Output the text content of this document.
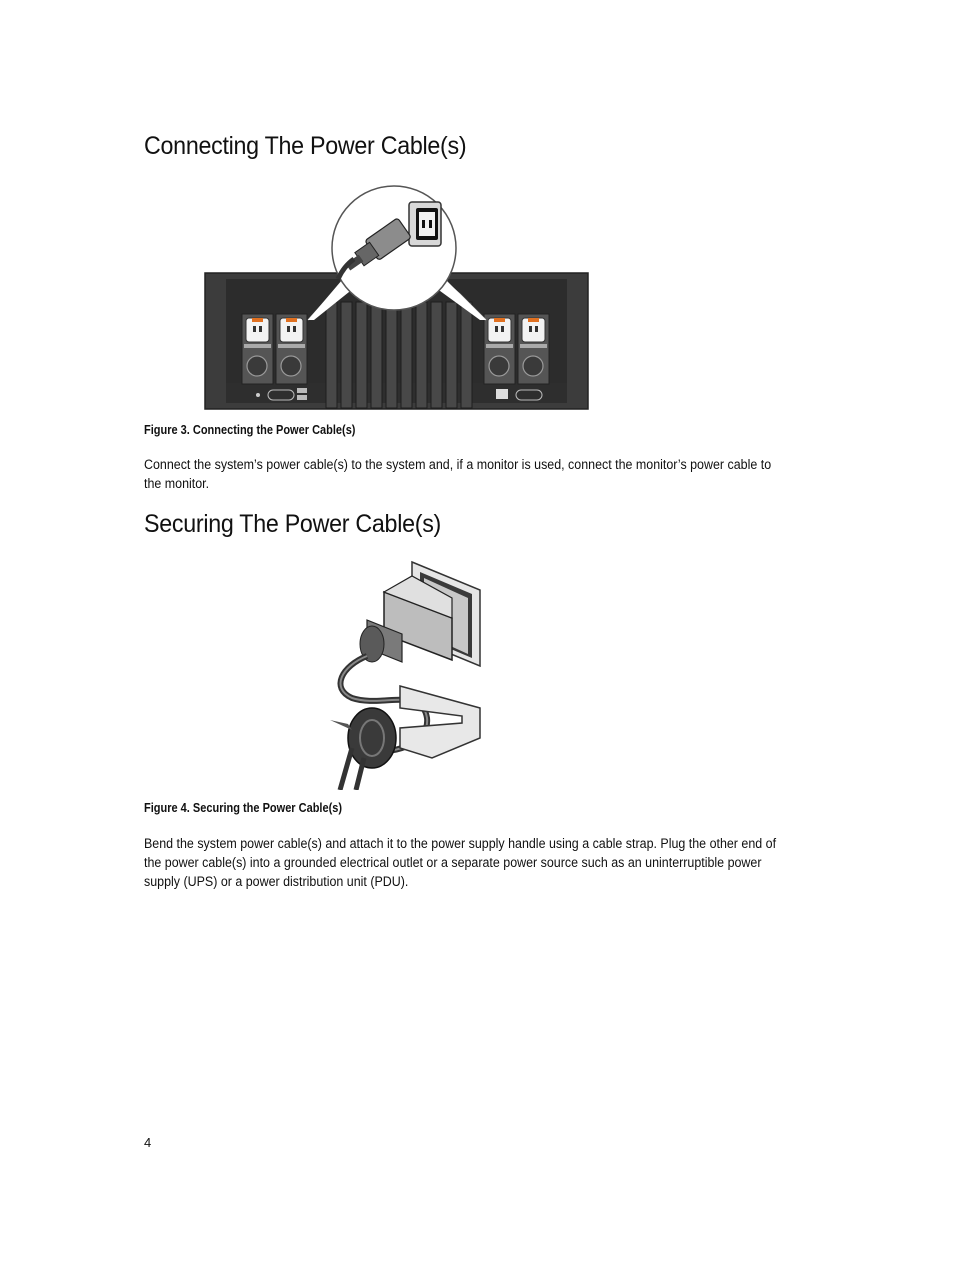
Connecting The Power Cable(s)

Figure 3. Connecting the Power Cable(s)

Connect the system’s power cable(s) to the system and, if a monitor is used, connect the monitor’s power cable to the monitor.

Securing The Power Cable(s)

Figure 4. Securing the Power Cable(s)

Bend the system power cable(s) and attach it to the power supply handle using a cable strap. Plug the other end of the power cable(s) into a grounded electrical outlet or a separate power source such as an uninterruptible power supply (UPS) or a power distribution unit (PDU).

4
